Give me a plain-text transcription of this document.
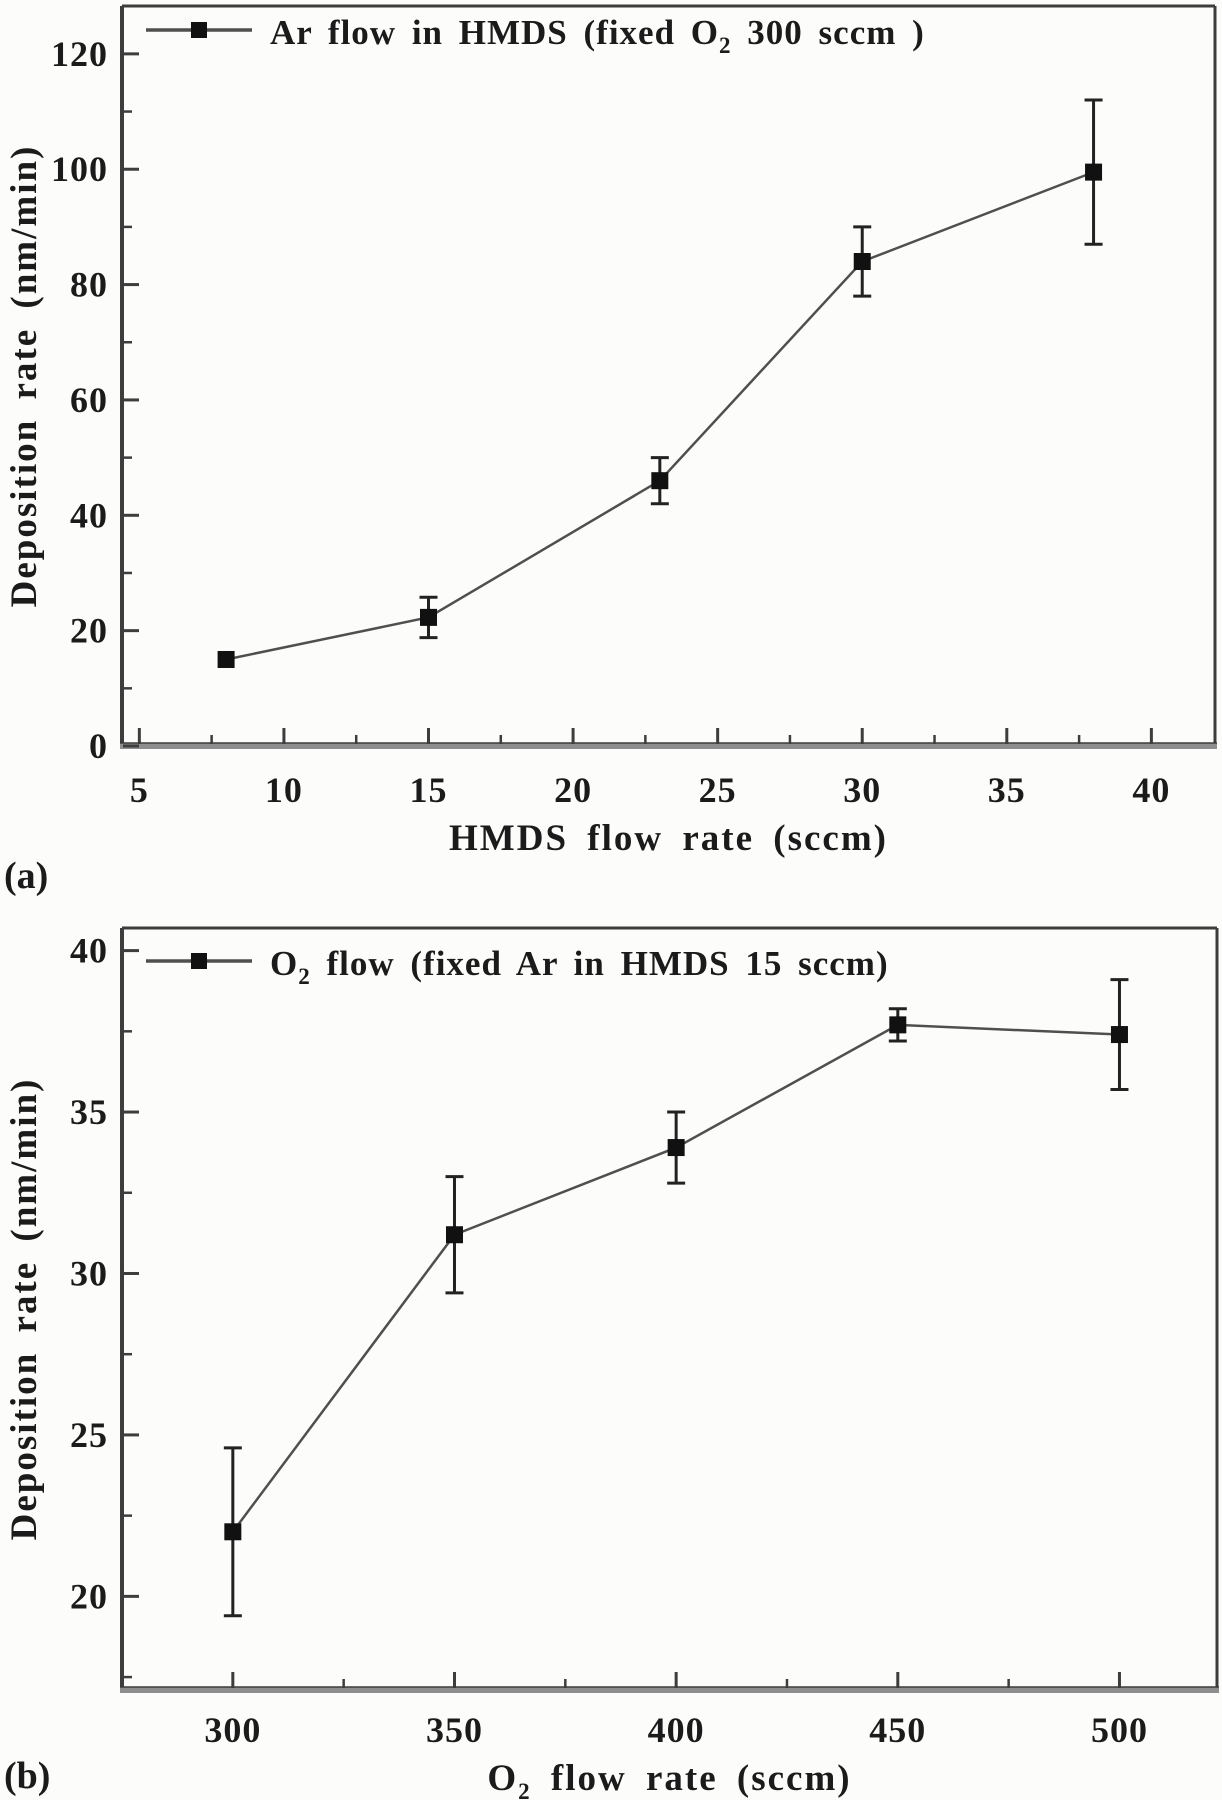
5	10	15	20	25	30	35	40
0
20
40
60
80
100
120
Deposition rate (nm/min)
HMDS flow rate (sccm)
Ar flow in HMDS (fixed $O_2$ 300 sccm )
300	350	400	450	500
20
25
30
35
40
Deposition rate (nm/min)
$O_2$ flow rate (sccm)
$O_2$ flow (fixed Ar in HMDS 15 sccm)
(a)
(b)
